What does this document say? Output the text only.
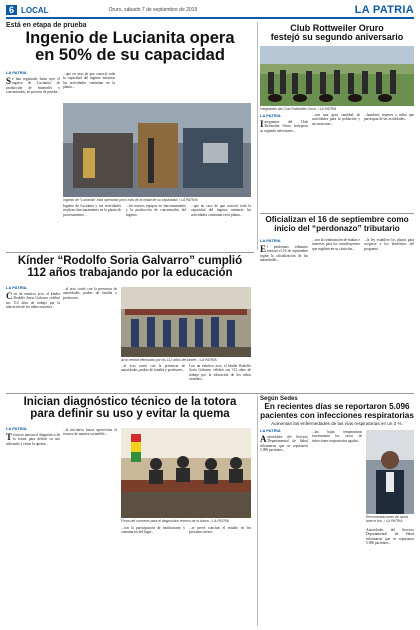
6 LOCAL	Oruro, sábado 7 de septiembre de 2019	LA PATRIA
Está en etapa de prueba
Ingenio de Lucianita opera
en 50% de su capacidad
LA PATRIA
Se han registrado hasta ayer el ingreso de 'Lucianita' de producción de minerales y concentrados, en proceso de prueba...
...que en caso de que conoció toda la capacidad del ingenio mientras las actividades continúan en la planta...
Ingenio de "Lucianita" está operando poco más de la mitad de su capacidad. / LA PATRIA
Ingenio de Lucianita y sus actividades en pleno funcionamiento en la planta de procesamiento...
...los nuevos equipos en funcionamiento y la producción de concentrados del ingenio.
...que en caso de que conoció toda la capacidad del ingenio mientras las actividades continúan en la planta...
Club Rottweiler Oruro
festejó su segundo aniversario
Integrantes del Club Rottweiler Oruro. / LA PATRIA
LA PATRIA
Integrantes del Club Rottweiler Oruro festejaron su segundo aniversario...
...con una gran cantidad de actividades para la población y sus mascotas...
...hombres, mujeres y niños que participan de las actividades...
Oficializan el 16 de septiembre como
inicio del “perdonazo” tributario
LA PATRIA
El perdonazo tributario iniciará el 16 de septiembre según la oficialización de las autoridades...
...con la condonación de multas e intereses para los contribuyentes que regularicen su situación...
...la ley establece los plazos para acogerse a los beneficios del programa.
Kínder “Rodolfo Soria Galvarro” cumplió
112 años trabajando por la educación
LA PATRIA
Con un emotivo acto, el kínder Rodolfo Soria Galvarro celebró sus 112 años de trabajo por la educación de los niños orureños...
...el acto contó con la presencia de autoridades, padres de familia y profesores.
Acto central efectuado por los 112 años del kínder. / LA PATRIA
...el acto contó con la presencia de autoridades, padres de familia y profesores.
Con un emotivo acto, el kínder Rodolfo Soria Galvarro celebró sus 112 años de trabajo por la educación de los niños orureños...
Inician diagnóstico técnico de la totora
para definir su uso y evitar la quema
LA PATRIA
Técnicos inician el diagnóstico de la totora para definir su uso adecuado y evitar la quema...
...la iniciativa busca aprovechar el recurso de manera sostenible...
Firma del convenio para el diagnóstico técnico de la totora. / LA PATRIA
...con la participación de instituciones y comunarios del lugar...
...se prevé concluir el estudio en los próximos meses.
Según Sedes
En recientes días se reportaron 5.096
pacientes con infecciones respiratorias
Aumentan las enfermedades de las vías respiratorias en un 3 %.
LA PATRIA
Autoridades del Servicio Departamental de Salud informaron que se reportaron 5.096 pacientes...
...las bajas temperaturas incrementan los casos de infecciones respiratorias agudas.
Recomendaciones de salud ante el frío. / LA PATRIA
Autoridades del Servicio Departamental de Salud informaron que se reportaron 5.096 pacientes...
